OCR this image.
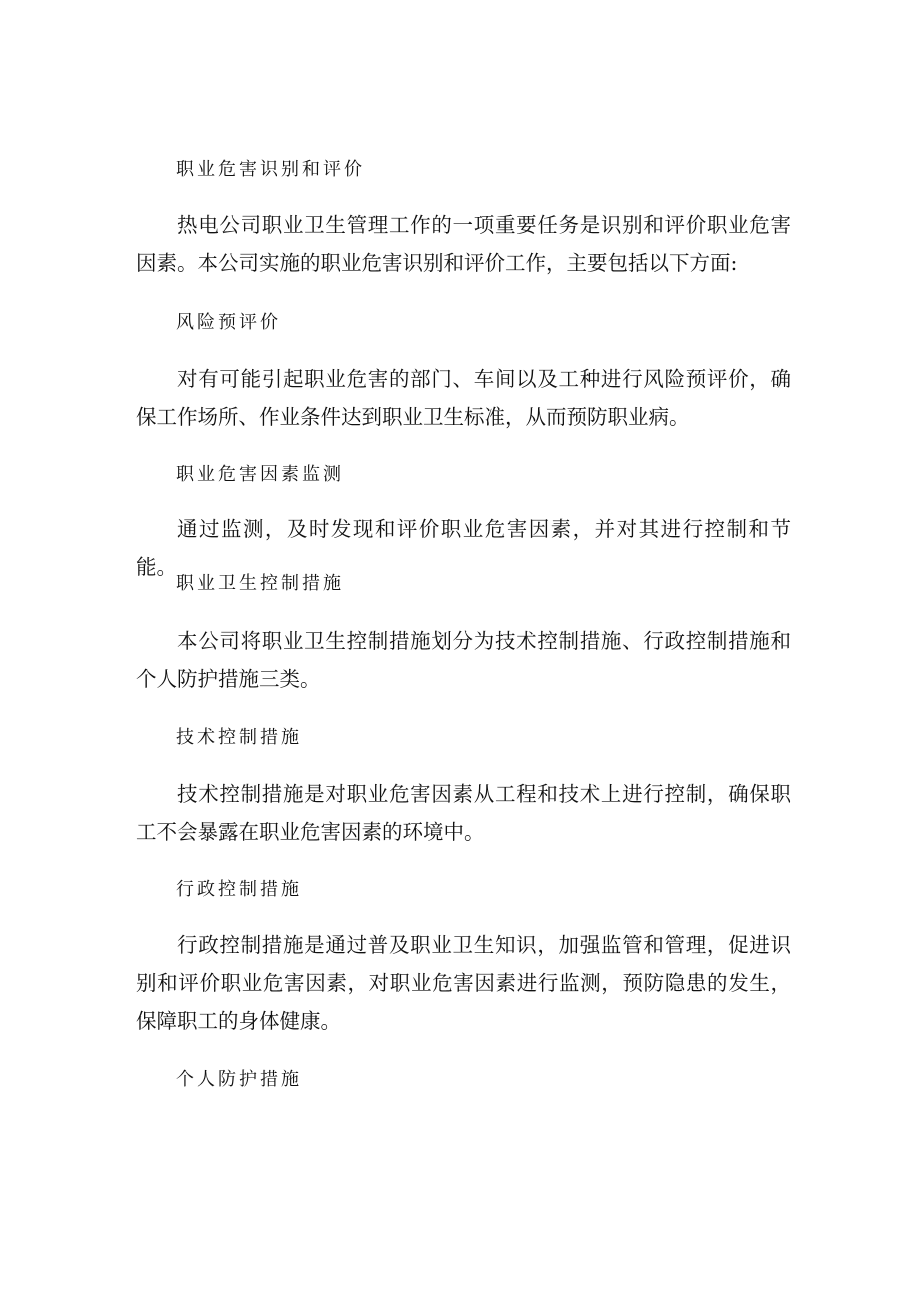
职业危害识别和评价

热电公司职业卫生管理工作的一项重要任务是识别和评价职业危害因素。本公司实施的职业危害识别和评价工作，主要包括以下方面:

风险预评价

对有可能引起职业危害的部门、车间以及工种进行风险预评价，确保工作场所、作业条件达到职业卫生标准，从而预防职业病。

职业危害因素监测

通过监测，及时发现和评价职业危害因素，并对其进行控制和节能。

职业卫生控制措施

本公司将职业卫生控制措施划分为技术控制措施、行政控制措施和个人防护措施三类。

技术控制措施

技术控制措施是对职业危害因素从工程和技术上进行控制，确保职工不会暴露在职业危害因素的环境中。

行政控制措施

行政控制措施是通过普及职业卫生知识，加强监管和管理，促进识别和评价职业危害因素，对职业危害因素进行监测，预防隐患的发生，保障职工的身体健康。

个人防护措施
